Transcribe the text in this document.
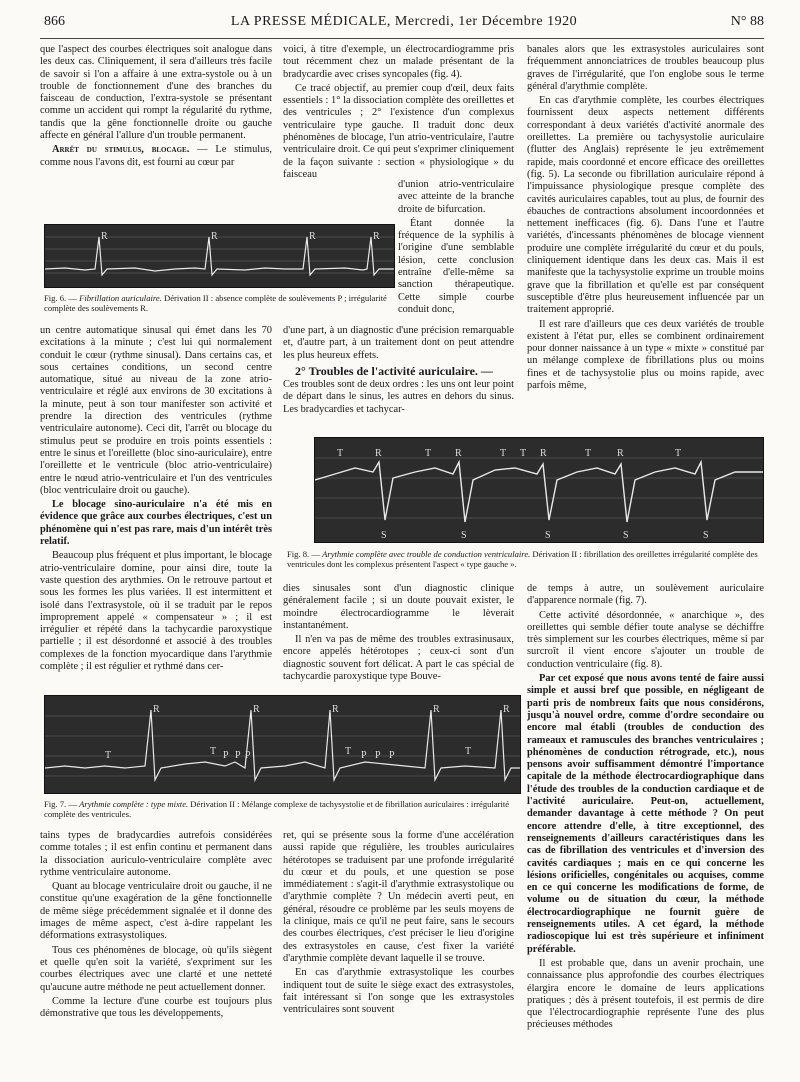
866	LA PRESSE MÉDICALE, Mercredi, 1er Décembre 1920	N° 88

que l'aspect des courbes électriques soit analogue dans les deux cas. Cliniquement, il sera d'ailleurs très facile de savoir si l'on a affaire à une extra-systole ou à un trouble de fonctionnement d'une des branches du faisceau de conduction, l'extra-systole se présentant comme un accident qui rompt la régularité du rythme, tandis que la gêne fonctionnelle droite ou gauche affecte en général l'allure d'un trouble permanent.

Arrêt du stimulus, blocage. — Le stimulus, comme nous l'avons dit, est fourni au cœur par

R	R	R	R
Fig. 6. — Fibrillation auriculaire. Dérivation II : absence complète de soulèvements P ; irrégularité complète des soulèvements R.

un centre automatique sinusal qui émet dans les 70 excitations à la minute ; c'est lui qui normalement conduit le cœur (rythme sinusal). Dans certains cas, et sous certaines conditions, un second centre automatique, situé au niveau de la zone atrio-ventriculaire et réglé aux environs de 30 excitations à la minute, peut à son tour manifester son activité et prendre la direction des ventricules (rythme ventriculaire autonome). Ceci dit, l'arrêt ou blocage du stimulus peut se produire en trois points essentiels : entre le sinus et l'oreillette (bloc sino-auriculaire), entre l'oreillette et le ventricule (bloc atrio-ventriculaire) entre le nœud atrio-ventriculaire et l'un des ventricules (bloc ventriculaire droit ou gauche).

Le blocage sino-auriculaire n'a été mis en évidence que grâce aux courbes électriques, c'est un phénomène qui n'est pas rare, mais d'un intérêt très relatif.

Beaucoup plus fréquent et plus important, le blocage atrio-ventriculaire domine, pour ainsi dire, toute la vaste question des arythmies. On le retrouve partout et sous les formes les plus variées. Il est intermittent et isolé dans l'extrasystole, où il se traduit par le repos improprement appelé « compensateur » ; il est irrégulier et répété dans la tachycardie paroxystique partielle ; il est désordonné et associé à des troubles complexes de la fonction myocardique dans l'arythmie complète ; il est régulier et rythmé dans cer-

voici, à titre d'exemple, un électrocardiogramme pris tout récemment chez un malade présentant de la bradycardie avec crises syncopales (fig. 4).

Ce tracé objectif, au premier coup d'œil, deux faits essentiels : 1° la dissociation complète des oreillettes et des ventricules ; 2° l'existence d'un complexus ventriculaire type gauche. Il traduit donc deux phénomènes de blocage, l'un atrio-ventriculaire, l'autre ventriculaire droit. Ce qui peut s'exprimer cliniquement de la façon suivante : section « physiologique » du faisceau

d'union atrio-ventriculaire avec atteinte de la branche droite de bifurcation.

Étant donnée la fréquence de la syphilis à l'origine d'une semblable lésion, cette conclusion entraîne d'elle-même sa sanction thérapeutique. Cette simple courbe conduit donc,

d'une part, à un diagnostic d'une précision remarquable et, d'autre part, à un traitement dont on peut attendre les plus heureux effets.

2° Troubles de l'activité auriculaire. —

Ces troubles sont de deux ordres : les uns ont leur point de départ dans le sinus, les autres en dehors du sinus. Les bradycardies et tachycar-

banales alors que les extrasystoles auriculaires sont fréquemment annonciatrices de troubles beaucoup plus graves de l'irrégularité, que l'on englobe sous le terme général d'arythmie complète.

En cas d'arythmie complète, les courbes électriques fournissent deux aspects nettement différents correspondant à deux variétés d'activité anormale des oreillettes. La première ou tachysystolie auriculaire (flutter des Anglais) représente le jeu extrêmement rapide, mais coordonné et encore efficace des oreillettes (fig. 5). La seconde ou fibrillation auriculaire répond à l'impuissance physiologique presque complète des cavités auriculaires capables, tout au plus, de fournir des ébauches de contractions absolument incoordonnées et nettement inefficaces (fig. 6). Dans l'une et l'autre variétés, d'incessants phénomènes de blocage viennent produire une complète irrégularité du cœur et du pouls, cliniquement identique dans les deux cas. Mais il est manifeste que la tachysystolie exprime un trouble moins grave que la fibrillation et qu'elle est par conséquent susceptible d'être plus heureusement influencée par un traitement approprié.

Il est rare d'ailleurs que ces deux variétés de trouble existent à l'état pur, elles se combinent ordinairement pour donner naissance à un type « mixte » constitué par un mélange complexe de fibrillations plus ou moins fines et de tachysystolie plus ou moins rapide, avec parfois même,

T	R	T R	T T R	T	R	T
S	S	S	S	S
Fig. 8. — Arythmie complète avec trouble de conduction ventriculaire. Dérivation II : fibrillation des oreillettes irrégularité complète des ventricules dont les complexus présentent l'aspect « type gauche ».

dies sinusales sont d'un diagnostic clinique généralement facile ; si un doute pouvait exister, le moindre électrocardiogramme le lèverait instantanément.

Il n'en va pas de même des troubles extrasinusaux, encore appelés hétérotopes ; ceux-ci sont d'un diagnostic souvent fort délicat. A part le cas spécial de tachycardie paroxystique type Bouve-

de temps à autre, un soulèvement auriculaire d'apparence normale (fig. 7).

Cette activité désordonnée, « anarchique », des oreillettes qui semble défier toute analyse se déchiffre très simplement sur les courbes électriques, même si par surcroît il vient encore s'ajouter un trouble de conduction ventriculaire (fig. 8).

Par cet exposé que nous avons tenté de faire aussi simple et aussi bref que possible, en négligeant de parti pris de nombreux faits que nous considérons, jusqu'à nouvel ordre, comme d'ordre secondaire ou encore mal établi (troubles de conduction des rameaux et ramuscules des branches ventriculaires ; phénomènes de conduction rétrograde, etc.), nous pensons avoir suffisamment démontré l'importance capitale de la méthode électrocardiographique dans l'étude des troubles de la conduction cardiaque et de l'activité auriculaire. Peut-on, actuellement, demander davantage à cette méthode ? On peut encore attendre d'elle, à titre exceptionnel, des renseignements d'ailleurs caractéristiques dans les cas de fibrillation des ventricules et d'inversion des cavités cardiaques ; mais en ce qui concerne les lésions orificielles, congénitales ou acquises, comme en ce qui concerne les modifications de forme, de volume ou de situation du cœur, la méthode électrocardiographique ne fournit guère de renseignements utiles. A cet égard, la méthode radioscopique lui est très supérieure et infiniment préférable.

Il est probable que, dans un avenir prochain, une connaissance plus approfondie des courbes électriques élargira encore le domaine de leurs applications pratiques ; dès à présent toutefois, il est permis de dire que l'électrocardiographie représente l'une des plus précieuses méthodes

R	R	R	R	R
T	T P P P	T P P P	T
Fig. 7. — Arythmie complète : type mixte. Dérivation II : Mélange complexe de tachysystolie et de fibrillation auriculaires : irrégularité complète des ventricules.

tains types de bradycardies autrefois considérées comme totales ; il est enfin continu et permanent dans la dissociation auriculo-ventriculaire complète avec rythme ventriculaire autonome.

Quant au blocage ventriculaire droit ou gauche, il ne constitue qu'une exagération de la gêne fonctionnelle de même siège précédemment signalée et il donne des images de même aspect, c'est à-dire rappelant les déformations extrasystoliques.

Tous ces phénomènes de blocage, où qu'ils siègent et quelle qu'en soit la variété, s'expriment sur les courbes électriques avec une clarté et une netteté qu'aucune autre méthode ne peut actuellement donner.

Comme la lecture d'une courbe est toujours plus démonstrative que tous les développements,

ret, qui se présente sous la forme d'une accélération aussi rapide que régulière, les troubles auriculaires hétérotopes se traduisent par une profonde irrégularité du cœur et du pouls, et une question se pose immédiatement : s'agit-il d'arythmie extrasystolique ou d'arythmie complète ? Un médecin averti peut, en général, résoudre ce problème par les seuls moyens de la clinique, mais ce qu'il ne peut faire, sans le secours des courbes électriques, c'est préciser le lieu d'origine des extrasystoles en cause, c'est fixer la variété d'arythmie complète devant laquelle il se trouve.

En cas d'arythmie extrasystolique les courbes indiquent tout de suite le siège exact des extrasystoles, fait intéressant si l'on songe que les extrasystoles ventriculaires sont souvent
